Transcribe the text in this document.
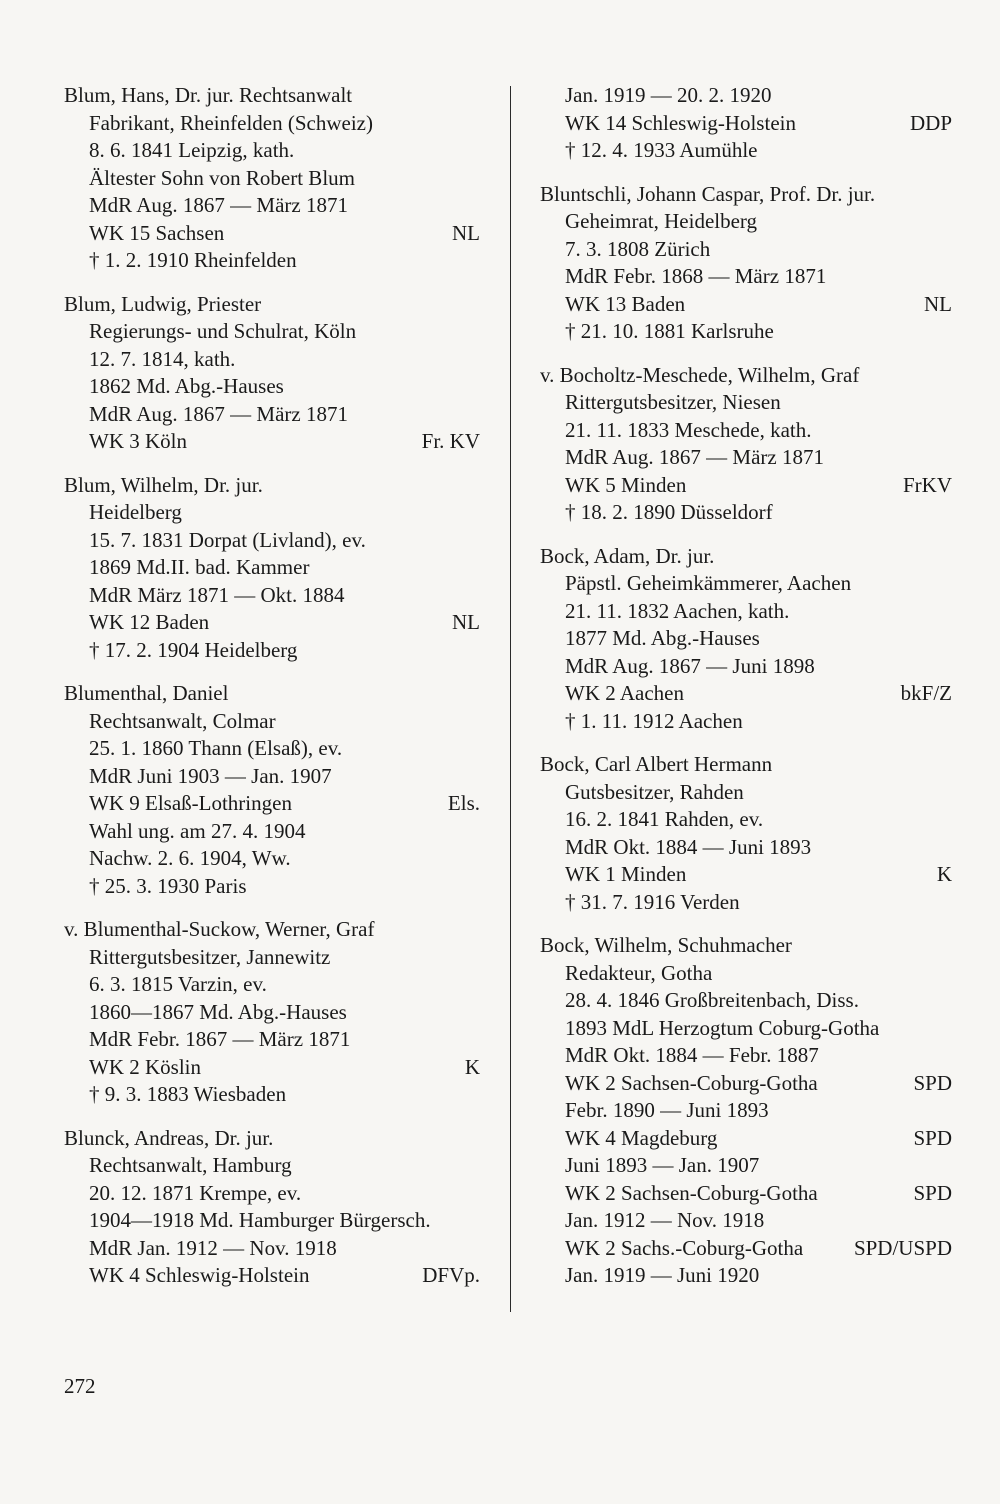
Blum, Hans, Dr. jur. Rechtsanwalt
Fabrikant, Rheinfelden (Schweiz)
8. 6. 1841 Leipzig, kath.
Ältester Sohn von Robert Blum
MdR Aug. 1867 — März 1871
WK 15 Sachsen	NL
† 1. 2. 1910 Rheinfelden
Blum, Ludwig, Priester
Regierungs- und Schulrat, Köln
12. 7. 1814, kath.
1862 Md. Abg.-Hauses
MdR Aug. 1867 — März 1871
WK 3 Köln	Fr. KV
Blum, Wilhelm, Dr. jur.
Heidelberg
15. 7. 1831 Dorpat (Livland), ev.
1869 Md.II. bad. Kammer
MdR März 1871 — Okt. 1884
WK 12 Baden	NL
† 17. 2. 1904 Heidelberg
Blumenthal, Daniel
Rechtsanwalt, Colmar
25. 1. 1860 Thann (Elsaß), ev.
MdR Juni 1903 — Jan. 1907
WK 9 Elsaß-Lothringen	Els.
Wahl ung. am 27. 4. 1904
Nachw. 2. 6. 1904, Ww.
† 25. 3. 1930 Paris
v. Blumenthal-Suckow, Werner, Graf
Rittergutsbesitzer, Jannewitz
6. 3. 1815 Varzin, ev.
1860—1867 Md. Abg.-Hauses
MdR Febr. 1867 — März 1871
WK 2 Köslin	K
† 9. 3. 1883 Wiesbaden
Blunck, Andreas, Dr. jur.
Rechtsanwalt, Hamburg
20. 12. 1871 Krempe, ev.
1904—1918 Md. Hamburger Bürgersch.
MdR Jan. 1912 — Nov. 1918
WK 4 Schleswig-Holstein	DFVp.
Jan. 1919 — 20. 2. 1920
WK 14 Schleswig-Holstein	DDP
† 12. 4. 1933 Aumühle
Bluntschli, Johann Caspar, Prof. Dr. jur.
Geheimrat, Heidelberg
7. 3. 1808 Zürich
MdR Febr. 1868 — März 1871
WK 13 Baden	NL
† 21. 10. 1881 Karlsruhe
v. Bocholtz-Meschede, Wilhelm, Graf
Rittergutsbesitzer, Niesen
21. 11. 1833 Meschede, kath.
MdR Aug. 1867 — März 1871
WK 5 Minden	FrKV
† 18. 2. 1890 Düsseldorf
Bock, Adam, Dr. jur.
Päpstl. Geheimkämmerer, Aachen
21. 11. 1832 Aachen, kath.
1877 Md. Abg.-Hauses
MdR Aug. 1867 — Juni 1898
WK 2 Aachen	bkF/Z
† 1. 11. 1912 Aachen
Bock, Carl Albert Hermann
Gutsbesitzer, Rahden
16. 2. 1841 Rahden, ev.
MdR Okt. 1884 — Juni 1893
WK 1 Minden	K
† 31. 7. 1916 Verden
Bock, Wilhelm, Schuhmacher
Redakteur, Gotha
28. 4. 1846 Großbreitenbach, Diss.
1893 MdL Herzogtum Coburg-Gotha
MdR Okt. 1884 — Febr. 1887
WK 2 Sachsen-Coburg-Gotha	SPD
Febr. 1890 — Juni 1893
WK 4 Magdeburg	SPD
Juni 1893 — Jan. 1907
WK 2 Sachsen-Coburg-Gotha	SPD
Jan. 1912 — Nov. 1918
WK 2 Sachs.-Coburg-Gotha SPD/USPD
Jan. 1919 — Juni 1920
272
